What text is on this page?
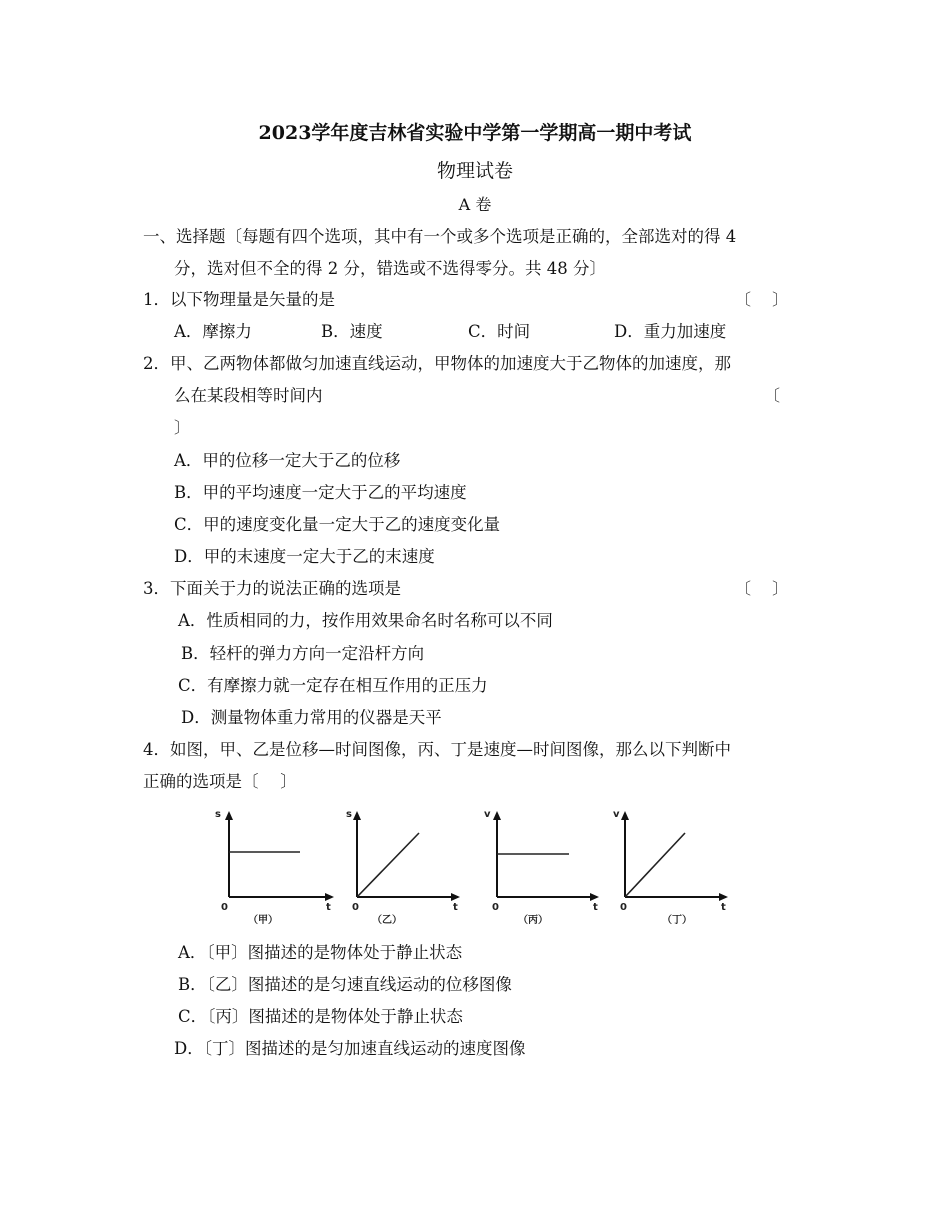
2023学年度吉林省实验中学第一学期高一期中考试
物理试卷
A 卷
一、选择题〔每题有四个选项，其中有一个或多个选项是正确的，全部选对的得 4
分，选对但不全的得 2 分，错选或不选得零分。共 48 分〕
1．以下物理量是矢量的是	〔　 〕
A．摩擦力	B．速度	C．时间	D．重力加速度
2．甲、乙两物体都做匀加速直线运动，甲物体的加速度大于乙物体的加速度，那
么在某段相等时间内	〔
〕
A．甲的位移一定大于乙的位移
B．甲的平均速度一定大于乙的平均速度
C．甲的速度变化量一定大于乙的速度变化量
D．甲的末速度一定大于乙的末速度
3．下面关于力的说法正确的选项是	〔　 〕
A．性质相同的力，按作用效果命名时名称可以不同
B．轻杆的弹力方向一定沿杆方向
C．有摩擦力就一定存在相互作用的正压力
D．测量物体重力常用的仪器是天平
4．如图，甲、乙是位移—时间图像，丙、丁是速度—时间图像，那么以下判断中
正确的选项是〔　 〕
s
t
0
（甲）
s
t
0
（乙）
v
t
0
（丙）
v
t
0
（丁）
A．〔甲〕图描述的是物体处于静止状态
B．〔乙〕图描述的是匀速直线运动的位移图像
C．〔丙〕图描述的是物体处于静止状态
D．〔丁〕图描述的是匀加速直线运动的速度图像
